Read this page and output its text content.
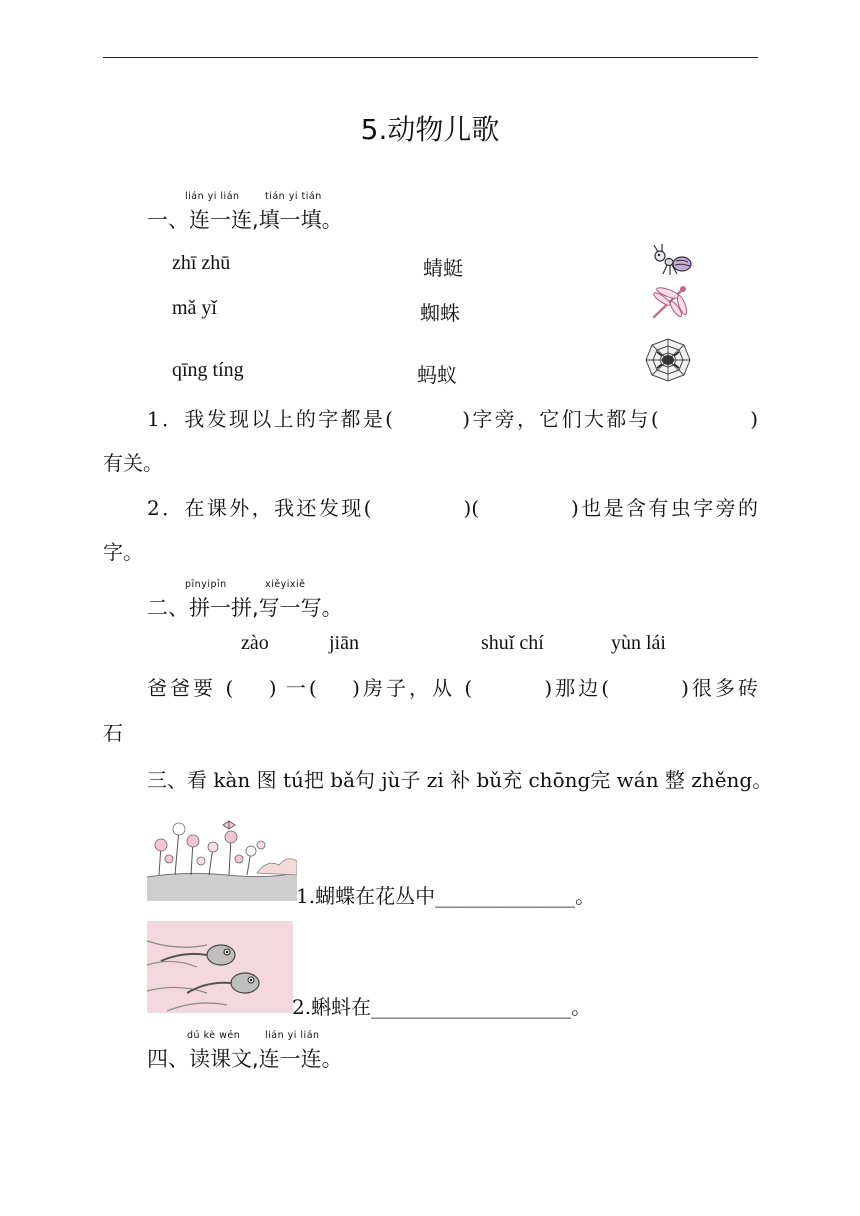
5.动物儿歌
lián yi lián	tián yi tián
一、连一连,填一填。
zhī zhū
mǎ yǐ
qīng tíng
蜻蜓
蜘蛛
蚂蚁
1．我发现以上的字都是(　　　)字旁，它们大都与(　　　　)
有关。
2．在课外，我还发现(　　　　)(　　　　)也是含有虫字旁的
字。
pīnyipīn	xiěyixiě
二、拼一拼,写一写。
zào	jiān	shuǐ chí	yùn lái
爸爸要 (　 ) 一(　 )房子，从 (　　　)那边(　　　)很多砖
石
三、看 kàn 图 tú把 bǎ句 jù子 zi 补 bǔ充 chōng完 wán 整 zhěng。
1.蝴蝶在花丛中______________。
2.蝌蚪在____________________。
dú kè wén	lián yi lián
四、读课文,连一连。
